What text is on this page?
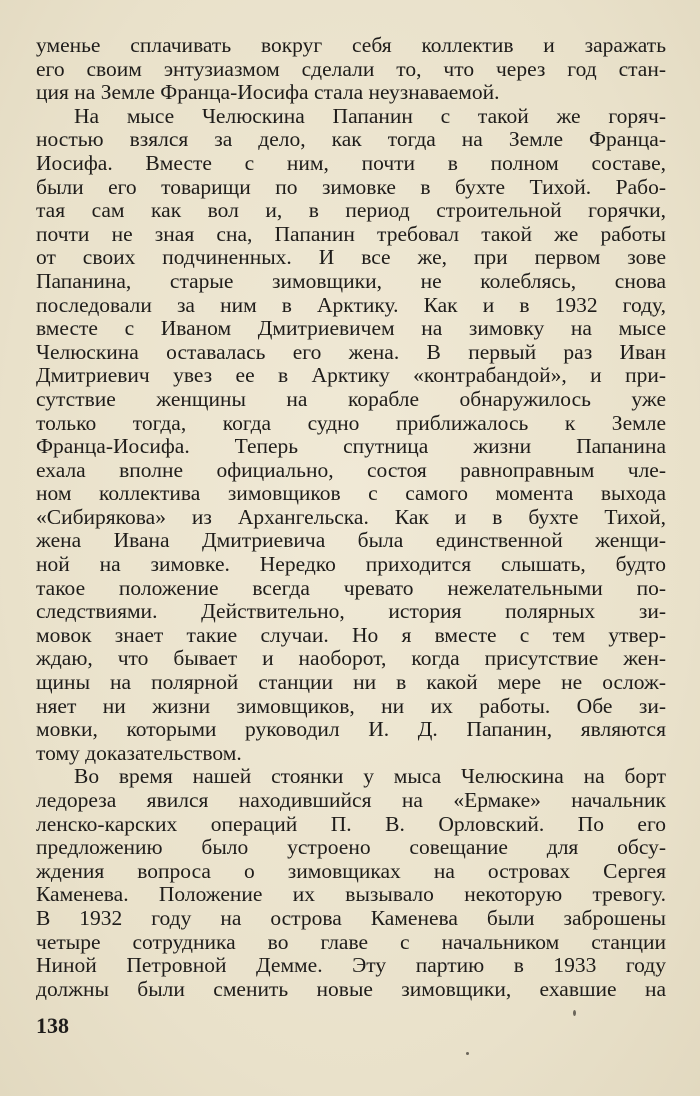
уменье сплачивать вокруг себя коллектив и заражать
его своим энтузиазмом сделали то, что через год стан-
ция на Земле Франца-Иосифа стала неузнаваемой.
На мысе Челюскина Папанин с такой же горяч-
ностью взялся за дело, как тогда на Земле Франца-
Иосифа. Вместе с ним, почти в полном составе,
были его товарищи по зимовке в бухте Тихой. Рабо-
тая сам как вол и, в период строительной горячки,
почти не зная сна, Папанин требовал такой же работы
от своих подчиненных. И все же, при первом зове
Папанина, старые зимовщики, не колеблясь, снова
последовали за ним в Арктику. Как и в 1932 году,
вместе с Иваном Дмитриевичем на зимовку на мысе
Челюскина оставалась его жена. В первый раз Иван
Дмитриевич увез ее в Арктику «контрабандой», и при-
сутствие женщины на корабле обнаружилось уже
только тогда, когда судно приближалось к Земле
Франца-Иосифа. Теперь спутница жизни Папанина
ехала вполне официально, состоя равноправным чле-
ном коллектива зимовщиков с самого момента выхода
«Сибирякова» из Архангельска. Как и в бухте Тихой,
жена Ивана Дмитриевича была единственной женщи-
ной на зимовке. Нередко приходится слышать, будто
такое положение всегда чревато нежелательными по-
следствиями. Действительно, история полярных зи-
мовок знает такие случаи. Но я вместе с тем утвер-
ждаю, что бывает и наоборот, когда присутствие жен-
щины на полярной станции ни в какой мере не ослож-
няет ни жизни зимовщиков, ни их работы. Обе зи-
мовки, которыми руководил И. Д. Папанин, являются
тому доказательством.
Во время нашей стоянки у мыса Челюскина на борт
ледореза явился находившийся на «Ермаке» начальник
ленско-карских операций П. В. Орловский. По его
предложению было устроено совещание для обсу-
ждения вопроса о зимовщиках на островах Сергея
Каменева. Положение их вызывало некоторую тревогу.
В 1932 году на острова Каменева были заброшены
четыре сотрудника во главе с начальником станции
Ниной Петровной Демме. Эту партию в 1933 году
должны были сменить новые зимовщики, ехавшие на
138
